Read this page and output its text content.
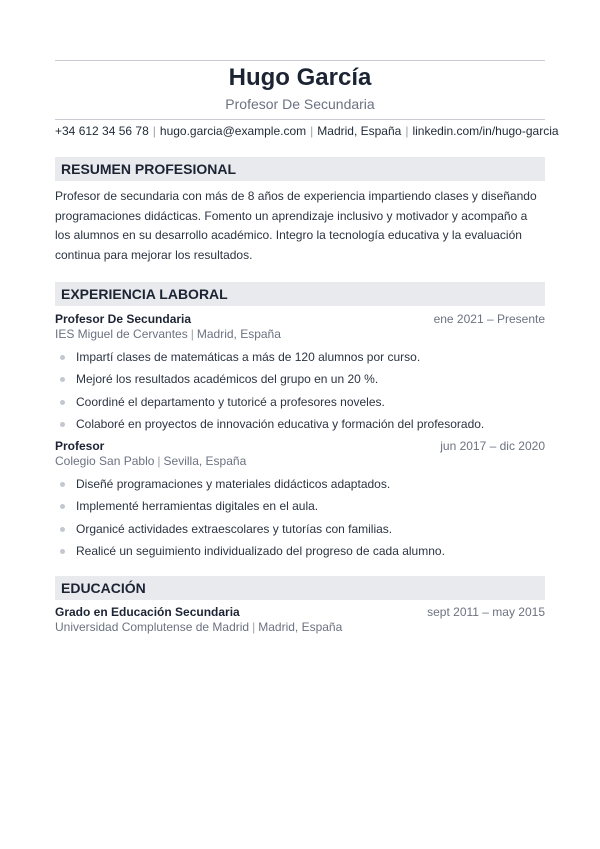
Hugo García
Profesor De Secundaria
+34 612 34 56 78 | hugo.garcia@example.com | Madrid, España | linkedin.com/in/hugo-garcia
RESUMEN PROFESIONAL
Profesor de secundaria con más de 8 años de experiencia impartiendo clases y diseñando programaciones didácticas. Fomento un aprendizaje inclusivo y motivador y acompaño a los alumnos en su desarrollo académico. Integro la tecnología educativa y la evaluación continua para mejorar los resultados.
EXPERIENCIA LABORAL
Profesor De Secundaria	ene 2021 – Presente
IES Miguel de Cervantes | Madrid, España
Impartí clases de matemáticas a más de 120 alumnos por curso.
Mejoré los resultados académicos del grupo en un 20 %.
Coordiné el departamento y tutoricé a profesores noveles.
Colaboré en proyectos de innovación educativa y formación del profesorado.
Profesor	jun 2017 – dic 2020
Colegio San Pablo | Sevilla, España
Diseñé programaciones y materiales didácticos adaptados.
Implementé herramientas digitales en el aula.
Organicé actividades extraescolares y tutorías con familias.
Realicé un seguimiento individualizado del progreso de cada alumno.
EDUCACIÓN
Grado en Educación Secundaria	sept 2011 – may 2015
Universidad Complutense de Madrid | Madrid, España
